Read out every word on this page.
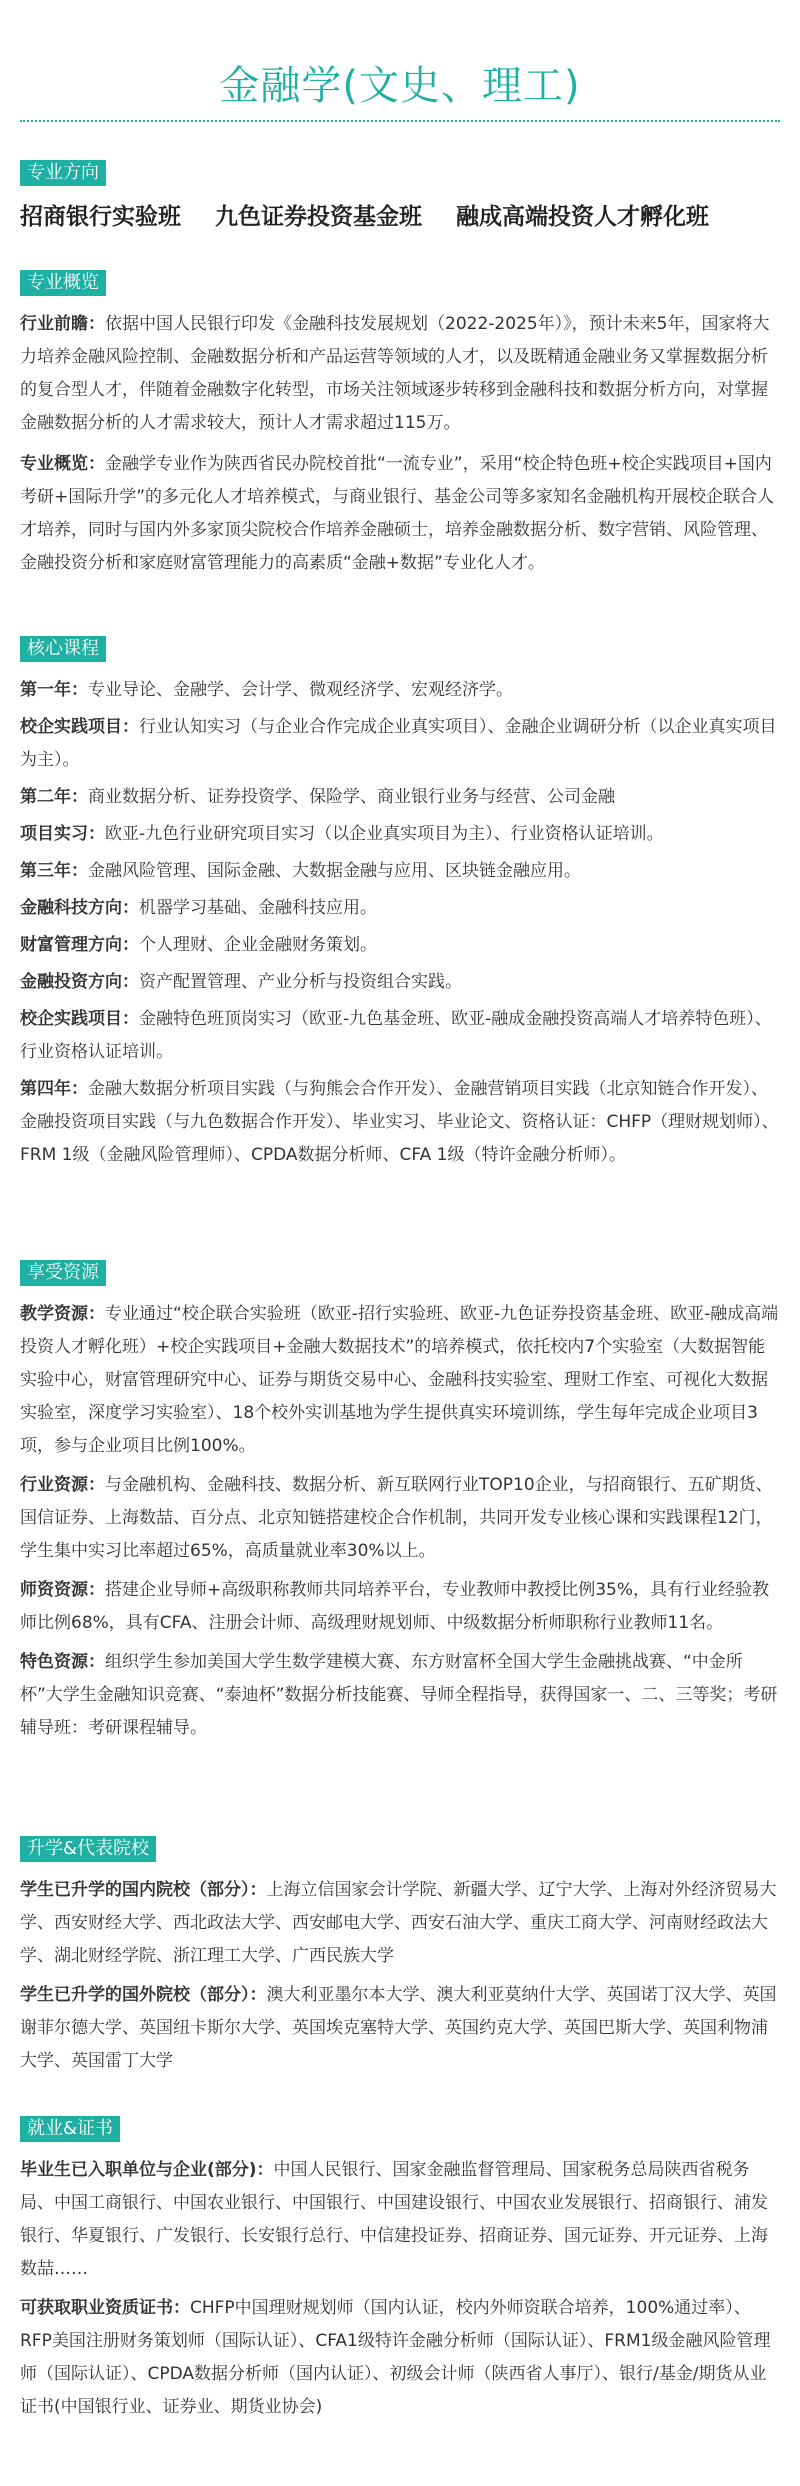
金融学(文史、理工)
专业方向
招商银行实验班 九色证券投资基金班 融成高端投资人才孵化班
专业概览

行业前瞻：依据中国人民银行印发《金融科技发展规划（2022-2025年）》，预计未来5年，国家将大力培养金融风险控制、金融数据分析和产品运营等领域的人才，以及既精通金融业务又掌握数据分析的复合型人才，伴随着金融数字化转型，市场关注领域逐步转移到金融科技和数据分析方向，对掌握金融数据分析的人才需求较大，预计人才需求超过115万。

专业概览：金融学专业作为陕西省民办院校首批“一流专业”，采用“校企特色班+校企实践项目+国内考研+国际升学”的多元化人才培养模式，与商业银行、基金公司等多家知名金融机构开展校企联合人才培养，同时与国内外多家顶尖院校合作培养金融硕士，培养金融数据分析、数字营销、风险管理、金融投资分析和家庭财富管理能力的高素质“金融+数据”专业化人才。

核心课程

第一年：专业导论、金融学、会计学、微观经济学、宏观经济学。

校企实践项目：行业认知实习（与企业合作完成企业真实项目）、金融企业调研分析（以企业真实项目为主）。

第二年：商业数据分析、证券投资学、保险学、商业银行业务与经营、公司金融

项目实习：欧亚-九色行业研究项目实习（以企业真实项目为主）、行业资格认证培训。

第三年：金融风险管理、国际金融、大数据金融与应用、区块链金融应用。

金融科技方向：机器学习基础、金融科技应用。

财富管理方向：个人理财、企业金融财务策划。

金融投资方向：资产配置管理、产业分析与投资组合实践。

校企实践项目：金融特色班顶岗实习（欧亚-九色基金班、欧亚-融成金融投资高端人才培养特色班）、行业资格认证培训。

第四年：金融大数据分析项目实践（与狗熊会合作开发）、金融营销项目实践（北京知链合作开发）、金融投资项目实践（与九色数据合作开发）、毕业实习、毕业论文、资格认证：CHFP（理财规划师）、FRM 1级（金融风险管理师）、CPDA数据分析师、CFA 1级（特许金融分析师）。

享受资源

教学资源：专业通过“校企联合实验班（欧亚-招行实验班、欧亚-九色证券投资基金班、欧亚-融成高端投资人才孵化班）+校企实践项目+金融大数据技术”的培养模式，依托校内7个实验室（大数据智能实验中心，财富管理研究中心、证券与期货交易中心、金融科技实验室、理财工作室、可视化大数据实验室，深度学习实验室）、18个校外实训基地为学生提供真实环境训练，学生每年完成企业项目3项，参与企业项目比例100%。

行业资源：与金融机构、金融科技、数据分析、新互联网行业TOP10企业，与招商银行、五矿期货、国信证券、上海数喆、百分点、北京知链搭建校企合作机制，共同开发专业核心课和实践课程12门，学生集中实习比率超过65%，高质量就业率30%以上。

师资资源：搭建企业导师+高级职称教师共同培养平台，专业教师中教授比例35%，具有行业经验教师比例68%，具有CFA、注册会计师、高级理财规划师、中级数据分析师职称行业教师11名。

特色资源：组织学生参加美国大学生数学建模大赛、东方财富杯全国大学生金融挑战赛、“中金所杯”大学生金融知识竞赛、“泰迪杯”数据分析技能赛、导师全程指导，获得国家一、二、三等奖；考研辅导班：考研课程辅导。

升学&代表院校

学生已升学的国内院校（部分）：上海立信国家会计学院、新疆大学、辽宁大学、上海对外经济贸易大学、西安财经大学、西北政法大学、西安邮电大学、西安石油大学、重庆工商大学、河南财经政法大学、湖北财经学院、浙江理工大学、广西民族大学

学生已升学的国外院校（部分）：澳大利亚墨尔本大学、澳大利亚莫纳什大学、英国诺丁汉大学、英国谢菲尔德大学、英国纽卡斯尔大学、英国埃克塞特大学、英国约克大学、英国巴斯大学、英国利物浦大学、英国雷丁大学

就业&证书

毕业生已入职单位与企业(部分)：中国人民银行、国家金融监督管理局、国家税务总局陕西省税务局、中国工商银行、中国农业银行、中国银行、中国建设银行、中国农业发展银行、招商银行、浦发银行、华夏银行、广发银行、长安银行总行、中信建投证券、招商证券、国元证券、开元证券、上海数喆……

可获取职业资质证书：CHFP中国理财规划师（国内认证，校内外师资联合培养，100%通过率）、RFP美国注册财务策划师（国际认证）、CFA1级特许金融分析师（国际认证）、FRM1级金融风险管理师（国际认证）、CPDA数据分析师（国内认证）、初级会计师（陕西省人事厅）、银行/基金/期货从业证书(中国银行业、证券业、期货业协会)
